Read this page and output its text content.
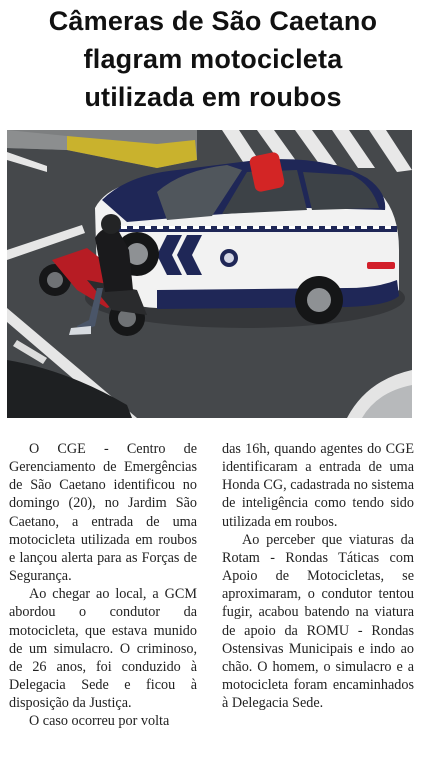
Câmeras de São Caetano
flagram motocicleta
utilizada em roubos

O CGE - Centro de Gerenciamento de Emergências de São Caetano identificou no domingo (20), no Jardim São Caetano, a entrada de uma motocicleta utilizada em roubos e lançou alerta para as Forças de Segurança.

Ao chegar ao local, a GCM abordou o condutor da motocicleta, que estava munido de um simulacro. O criminoso, de 26 anos, foi conduzido à Delegacia Sede e ficou à disposição da Justiça.

O caso ocorreu por volta

das 16h, quando agentes do CGE identificaram a entrada de uma Honda CG, cadastrada no sistema de inteligência como tendo sido utilizada em roubos.

Ao perceber que viaturas da Rotam - Rondas Táticas com Apoio de Motocicletas, se aproximaram, o condutor tentou fugir, acabou batendo na viatura de apoio da ROMU - Rondas Ostensivas Municipais e indo ao chão. O homem, o simulacro e a motocicleta foram encaminhados à Delegacia Sede.
